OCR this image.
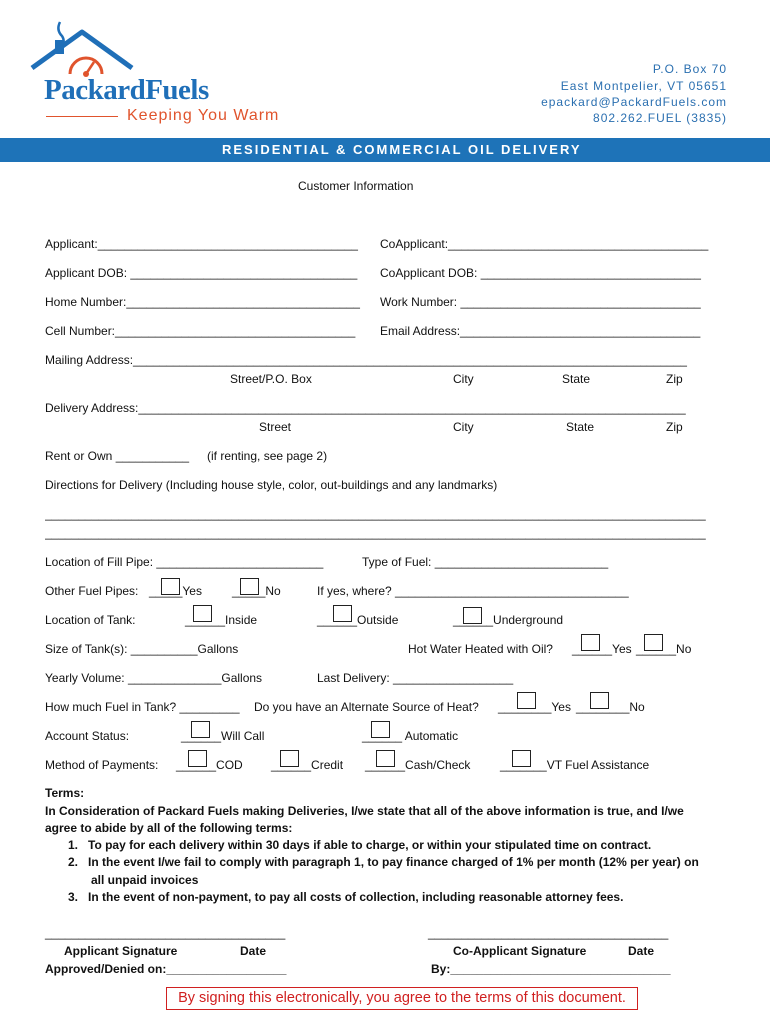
PackardFuels
Keeping You Warm
P.O. Box 70
East Montpelier, VT 05651
epackard@PackardFuels.com
802.262.FUEL (3835)
RESIDENTIAL & COMMERCIAL OIL DELIVERY
Customer Information
Applicant:_______________________________________ CoApplicant:_______________________________________
Applicant DOB: __________________________________ CoApplicant DOB: _________________________________
Home Number:___________________________________ Work Number: ____________________________________
Cell Number:____________________________________ Email Address:____________________________________
Mailing Address:___________________________________________________________________________________
Street/P.O. Box	City	State	Zip
Delivery Address:__________________________________________________________________________________
Street	City	State	Zip
Rent or Own ___________ (if renting, see page 2)
Directions for Delivery (Including house style, color, out-buildings and any landmarks)
___________________________________________________________________________________________________
___________________________________________________________________________________________________
Location of Fill Pipe: _________________________	Type of Fuel: __________________________
Other Fuel Pipes: _____Yes	_____No	If yes, where? ___________________________________
Location of Tank:	______Inside	______Outside	______Underground
Size of Tank(s): __________Gallons	Hot Water Heated with Oil? ______Yes ______No
Yearly Volume: ______________Gallons	Last Delivery: __________________
How much Fuel in Tank? _________ Do you have an Alternate Source of Heat? ________Yes ________No
Account Status:	______Will Call	______ Automatic
Method of Payments: ______COD ______Credit ______Cash/Check _______VT Fuel Assistance
Terms:
In Consideration of Packard Fuels making Deliveries, I/we state that all of the above information is true, and I/we
agree to abide by all of the following terms:
1. To pay for each delivery within 30 days if able to charge, or within your stipulated time on contract.
2. In the event I/we fail to comply with paragraph 1, to pay finance charged of 1% per month (12% per year) on
all unpaid invoices
3. In the event of non-payment, to pay all costs of collection, including reasonable attorney fees.
____________________________________	____________________________________
Applicant Signature	Date	Co-Applicant Signature	Date
Approved/Denied on:__________________	By:_________________________________
By signing this electronically, you agree to the terms of this document.
